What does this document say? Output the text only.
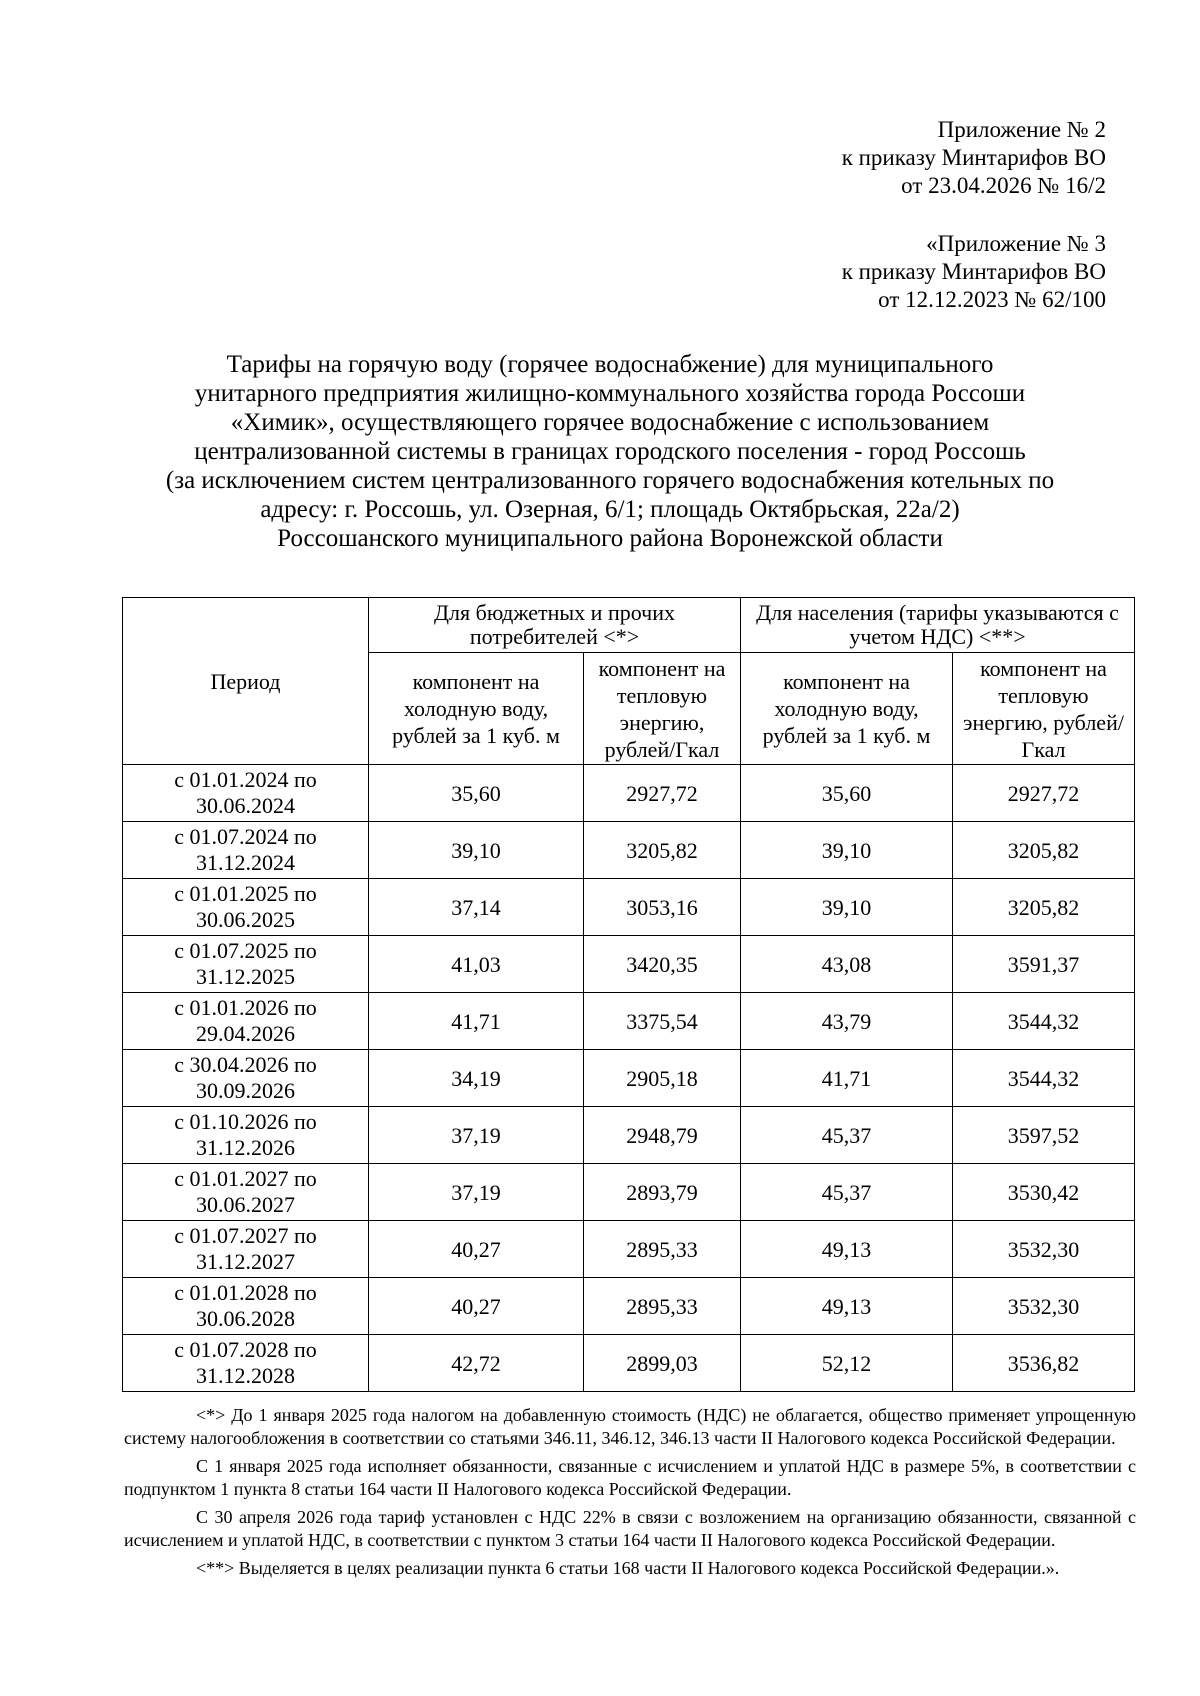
Приложение № 2
к приказу Минтарифов ВО
от 23.04.2026 № 16/2
«Приложение № 3
к приказу Минтарифов ВО
от 12.12.2023 № 62/100
Тарифы на горячую воду (горячее водоснабжение) для муниципального
унитарного предприятия жилищно-коммунального хозяйства города Россоши
«Химик», осуществляющего горячее водоснабжение с использованием
централизованной системы в границах городского поселения - город Россошь
(за исключением систем централизованного горячего водоснабжения котельных по
адресу: г. Россошь, ул. Озерная, 6/1; площадь Октябрьская, 22а/2)
Россошанского муниципального района Воронежской области
Период	Для бюджетных и прочих потребителей <*>		Для населения (тарифы указываются с учетом НДС) <**>	
	компонент на холодную воду, рублей за 1 куб. м	компонент на тепловую энергию, рублей/Гкал	компонент на холодную воду, рублей за 1 куб. м	компонент на тепловую энергию, рублей/Гкал
с 01.01.2024 по 30.06.2024	35,60	2927,72	35,60	2927,72
с 01.07.2024 по 31.12.2024	39,10	3205,82	39,10	3205,82
с 01.01.2025 по 30.06.2025	37,14	3053,16	39,10	3205,82
с 01.07.2025 по 31.12.2025	41,03	3420,35	43,08	3591,37
с 01.01.2026 по 29.04.2026	41,71	3375,54	43,79	3544,32
с 30.04.2026 по 30.09.2026	34,19	2905,18	41,71	3544,32
с 01.10.2026 по 31.12.2026	37,19	2948,79	45,37	3597,52
с 01.01.2027 по 30.06.2027	37,19	2893,79	45,37	3530,42
с 01.07.2027 по 31.12.2027	40,27	2895,33	49,13	3532,30
с 01.01.2028 по 30.06.2028	40,27	2895,33	49,13	3532,30
с 01.07.2028 по 31.12.2028	42,72	2899,03	52,12	3536,82

<*> До 1 января 2025 года налогом на добавленную стоимость (НДС) не облагается, общество применяет упрощенную систему налогообложения в соответствии со статьями 346.11, 346.12, 346.13 части II Налогового кодекса Российской Федерации.

С 1 января 2025 года исполняет обязанности, связанные с исчислением и уплатой НДС в размере 5%, в соответствии с подпунктом 1 пункта 8 статьи 164 части II Налогового кодекса Российской Федерации.

С 30 апреля 2026 года тариф установлен с НДС 22% в связи с возложением на организацию обязанности, связанной с исчислением и уплатой НДС, в соответствии с пунктом 3 статьи 164 части II Налогового кодекса Российской Федерации.

<**> Выделяется в целях реализации пункта 6 статьи 168 части II Налогового кодекса Российской Федерации.».
